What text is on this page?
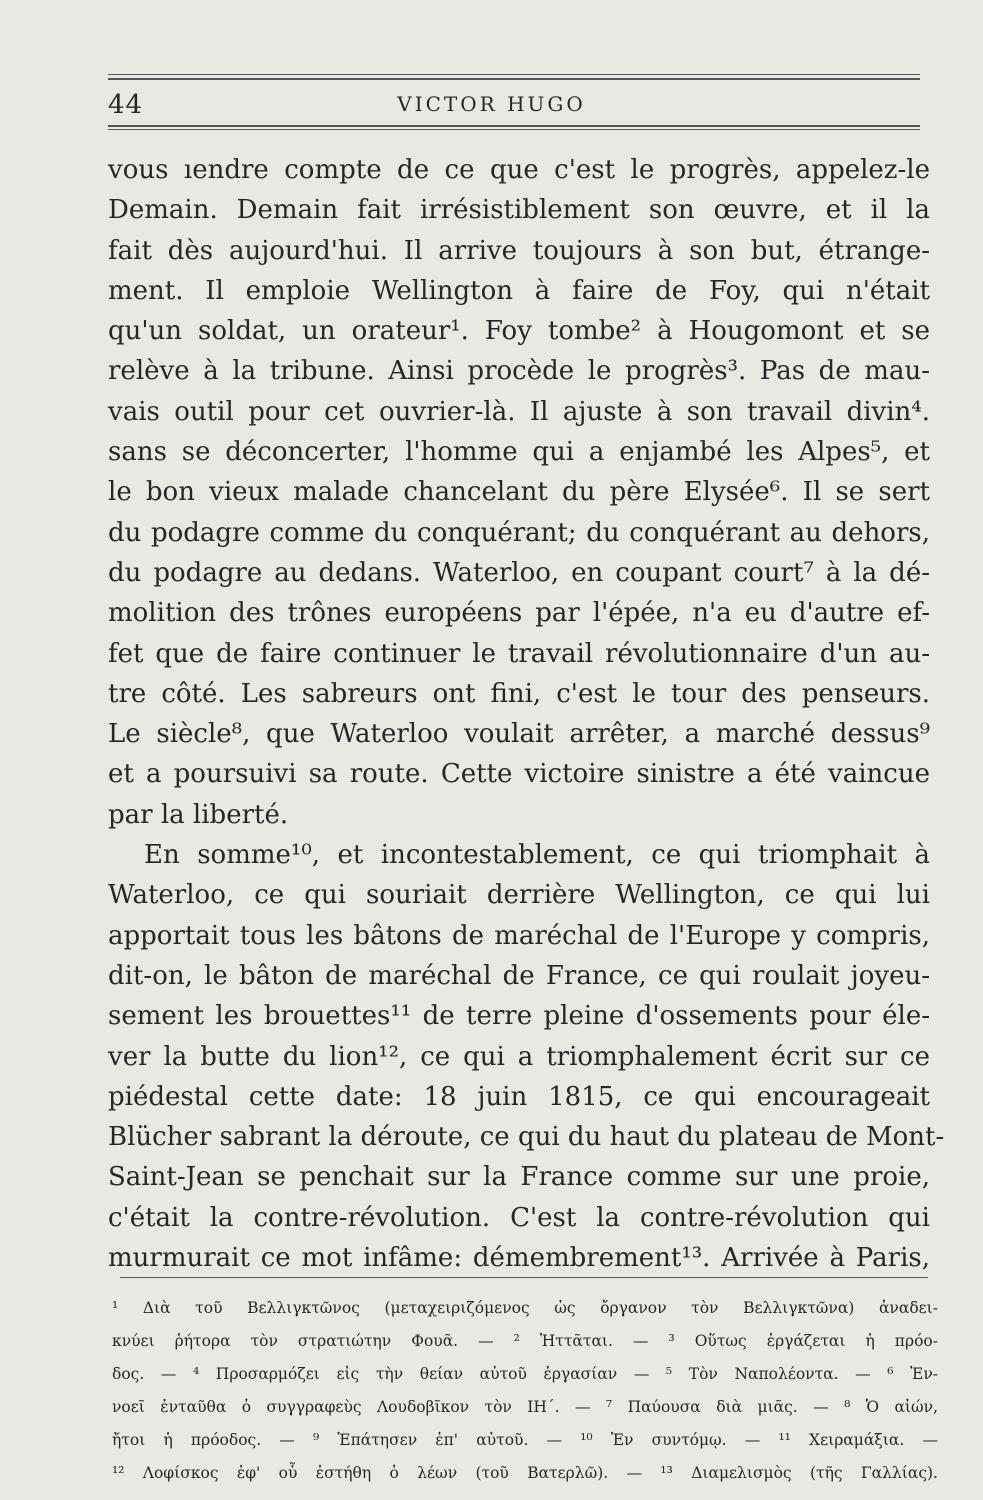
44	VICTOR HUGO
vous ıendre compte de ce que c'est le progrès, appelez-le
Demain. Demain fait irrésistiblement son œuvre, et il la
fait dès aujourd'hui. Il arrive toujours à son but, étrange-
ment. Il emploie Wellington à faire de Foy, qui n'était
qu'un soldat, un orateur¹. Foy tombe² à Hougomont et se
relève à la tribune. Ainsi procède le progrès³. Pas de mau-
vais outil pour cet ouvrier-là. Il ajuste à son travail divin⁴.
sans se déconcerter, l'homme qui a enjambé les Alpes⁵, et
le bon vieux malade chancelant du père Elysée⁶. Il se sert
du podagre comme du conquérant; du conquérant au dehors,
du podagre au dedans. Waterloo, en coupant court⁷ à la dé-
molition des trônes européens par l'épée, n'a eu d'autre ef-
fet que de faire continuer le travail révolutionnaire d'un au-
tre côté. Les sabreurs ont fini, c'est le tour des penseurs.
Le siècle⁸, que Waterloo voulait arrêter, a marché dessus⁹
et a poursuivi sa route. Cette victoire sinistre a été vaincue
par la liberté.
En somme¹⁰, et incontestablement, ce qui triomphait à
Waterloo, ce qui souriait derrière Wellington, ce qui lui
apportait tous les bâtons de maréchal de l'Europe y compris,
dit-on, le bâton de maréchal de France, ce qui roulait joyeu-
sement les brouettes¹¹ de terre pleine d'ossements pour éle-
ver la butte du lion¹², ce qui a triomphalement écrit sur ce
piédestal cette date: 18 juin 1815, ce qui encourageait
Blücher sabrant la déroute, ce qui du haut du plateau de Mont-
Saint-Jean se penchait sur la France comme sur une proie,
c'était la contre-révolution. C'est la contre-révolution qui
murmurait ce mot infâme: démembrement¹³. Arrivée à Paris,
¹ Διὰ τοῦ Βελλιγκτῶνος (μεταχειριζόμενος ὡς ὄργανον τὸν Βελλιγκτῶνα) ἀναδει-
κνύει ῥήτορα τὸν στρατιώτην Φουᾶ. — ² Ἡττᾶται. — ³ Οὕτως ἐργάζεται ἡ πρόο-
δος. — ⁴ Προσαρμόζει εἰς τὴν θείαν αὐτοῦ ἐργασίαν — ⁵ Τὸν Ναπολέοντα. — ⁶ Ἐν-
νοεῖ ἐνταῦθα ὁ συγγραφεὺς Λουδοβῖκον τὸν ΙΗ΄. — ⁷ Παύουσα διὰ μιᾶς. — ⁸ Ὁ αἰών,
ἤτοι ἡ πρόοδος. — ⁹ Ἐπάτησεν ἐπ' αὐτοῦ. — ¹⁰ Ἐν συντόμῳ. — ¹¹ Χειραμάξια. —
¹² Λοφίσκος ἐφ' οὗ ἐστήθη ὁ λέων (τοῦ Βατερλῶ). — ¹³ Διαμελισμὸς (τῆς Γαλλίας).
